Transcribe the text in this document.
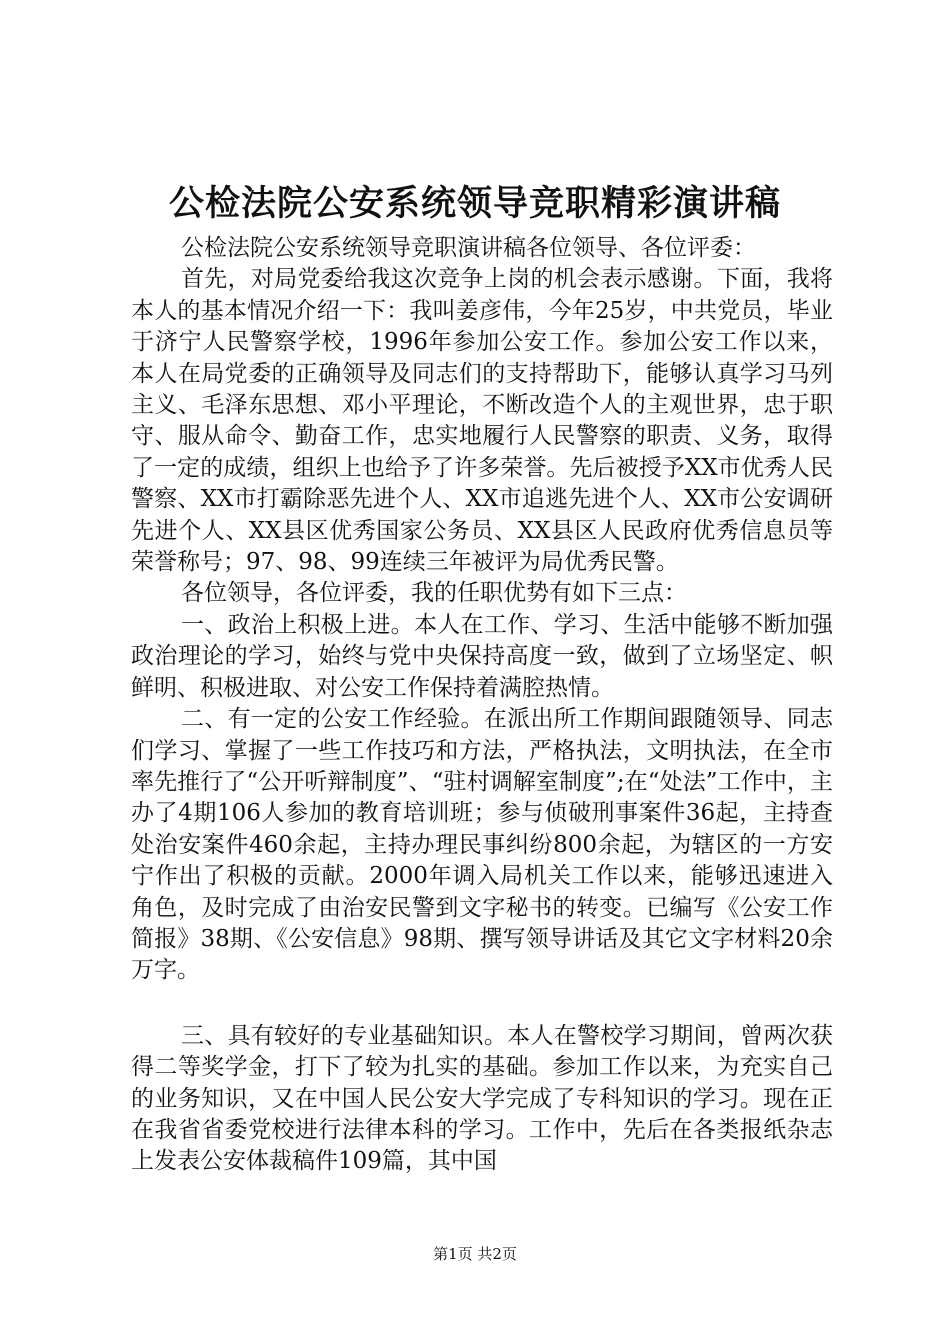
公检法院公安系统领导竞职精彩演讲稿

公检法院公安系统领导竞职演讲稿各位领导、各位评委：

首先，对局党委给我这次竞争上岗的机会表示感谢。下面，我将本人的基本情况介绍一下：我叫姜彦伟，今年25岁，中共党员，毕业于济宁人民警察学校，1996年参加公安工作。参加公安工作以来，本人在局党委的正确领导及同志们的支持帮助下，能够认真学习马列主义、毛泽东思想、邓小平理论，不断改造个人的主观世界，忠于职守、服从命令、勤奋工作，忠实地履行人民警察的职责、义务，取得了一定的成绩，组织上也给予了许多荣誉。先后被授予XX市优秀人民警察、XX市打霸除恶先进个人、XX市追逃先进个人、XX市公安调研先进个人、XX县区优秀国家公务员、XX县区人民政府优秀信息员等荣誉称号；97、98、99连续三年被评为局优秀民警。

各位领导，各位评委，我的任职优势有如下三点：

一、政治上积极上进。本人在工作、学习、生活中能够不断加强政治理论的学习，始终与党中央保持高度一致，做到了立场坚定、帜鲜明、积极进取、对公安工作保持着满腔热情。

二、有一定的公安工作经验。在派出所工作期间跟随领导、同志们学习、掌握了一些工作技巧和方法，严格执法，文明执法，在全市率先推行了“公开听辩制度”、“驻村调解室制度”;在“处法”工作中，主办了4期106人参加的教育培训班；参与侦破刑事案件36起，主持查处治安案件460余起，主持办理民事纠纷800余起，为辖区的一方安宁作出了积极的贡献。2000年调入局机关工作以来，能够迅速进入角色，及时完成了由治安民警到文字秘书的转变。已编写《公安工作简报》38期、《公安信息》98期、撰写领导讲话及其它文字材料20余万字。

三、具有较好的专业基础知识。本人在警校学习期间，曾两次获得二等奖学金，打下了较为扎实的基础。参加工作以来，为充实自己的业务知识，又在中国人民公安大学完成了专科知识的学习。现在正在我省省委党校进行法律本科的学习。工作中，先后在各类报纸杂志上发表公安体裁稿件109篇，其中国

第1页 共2页
